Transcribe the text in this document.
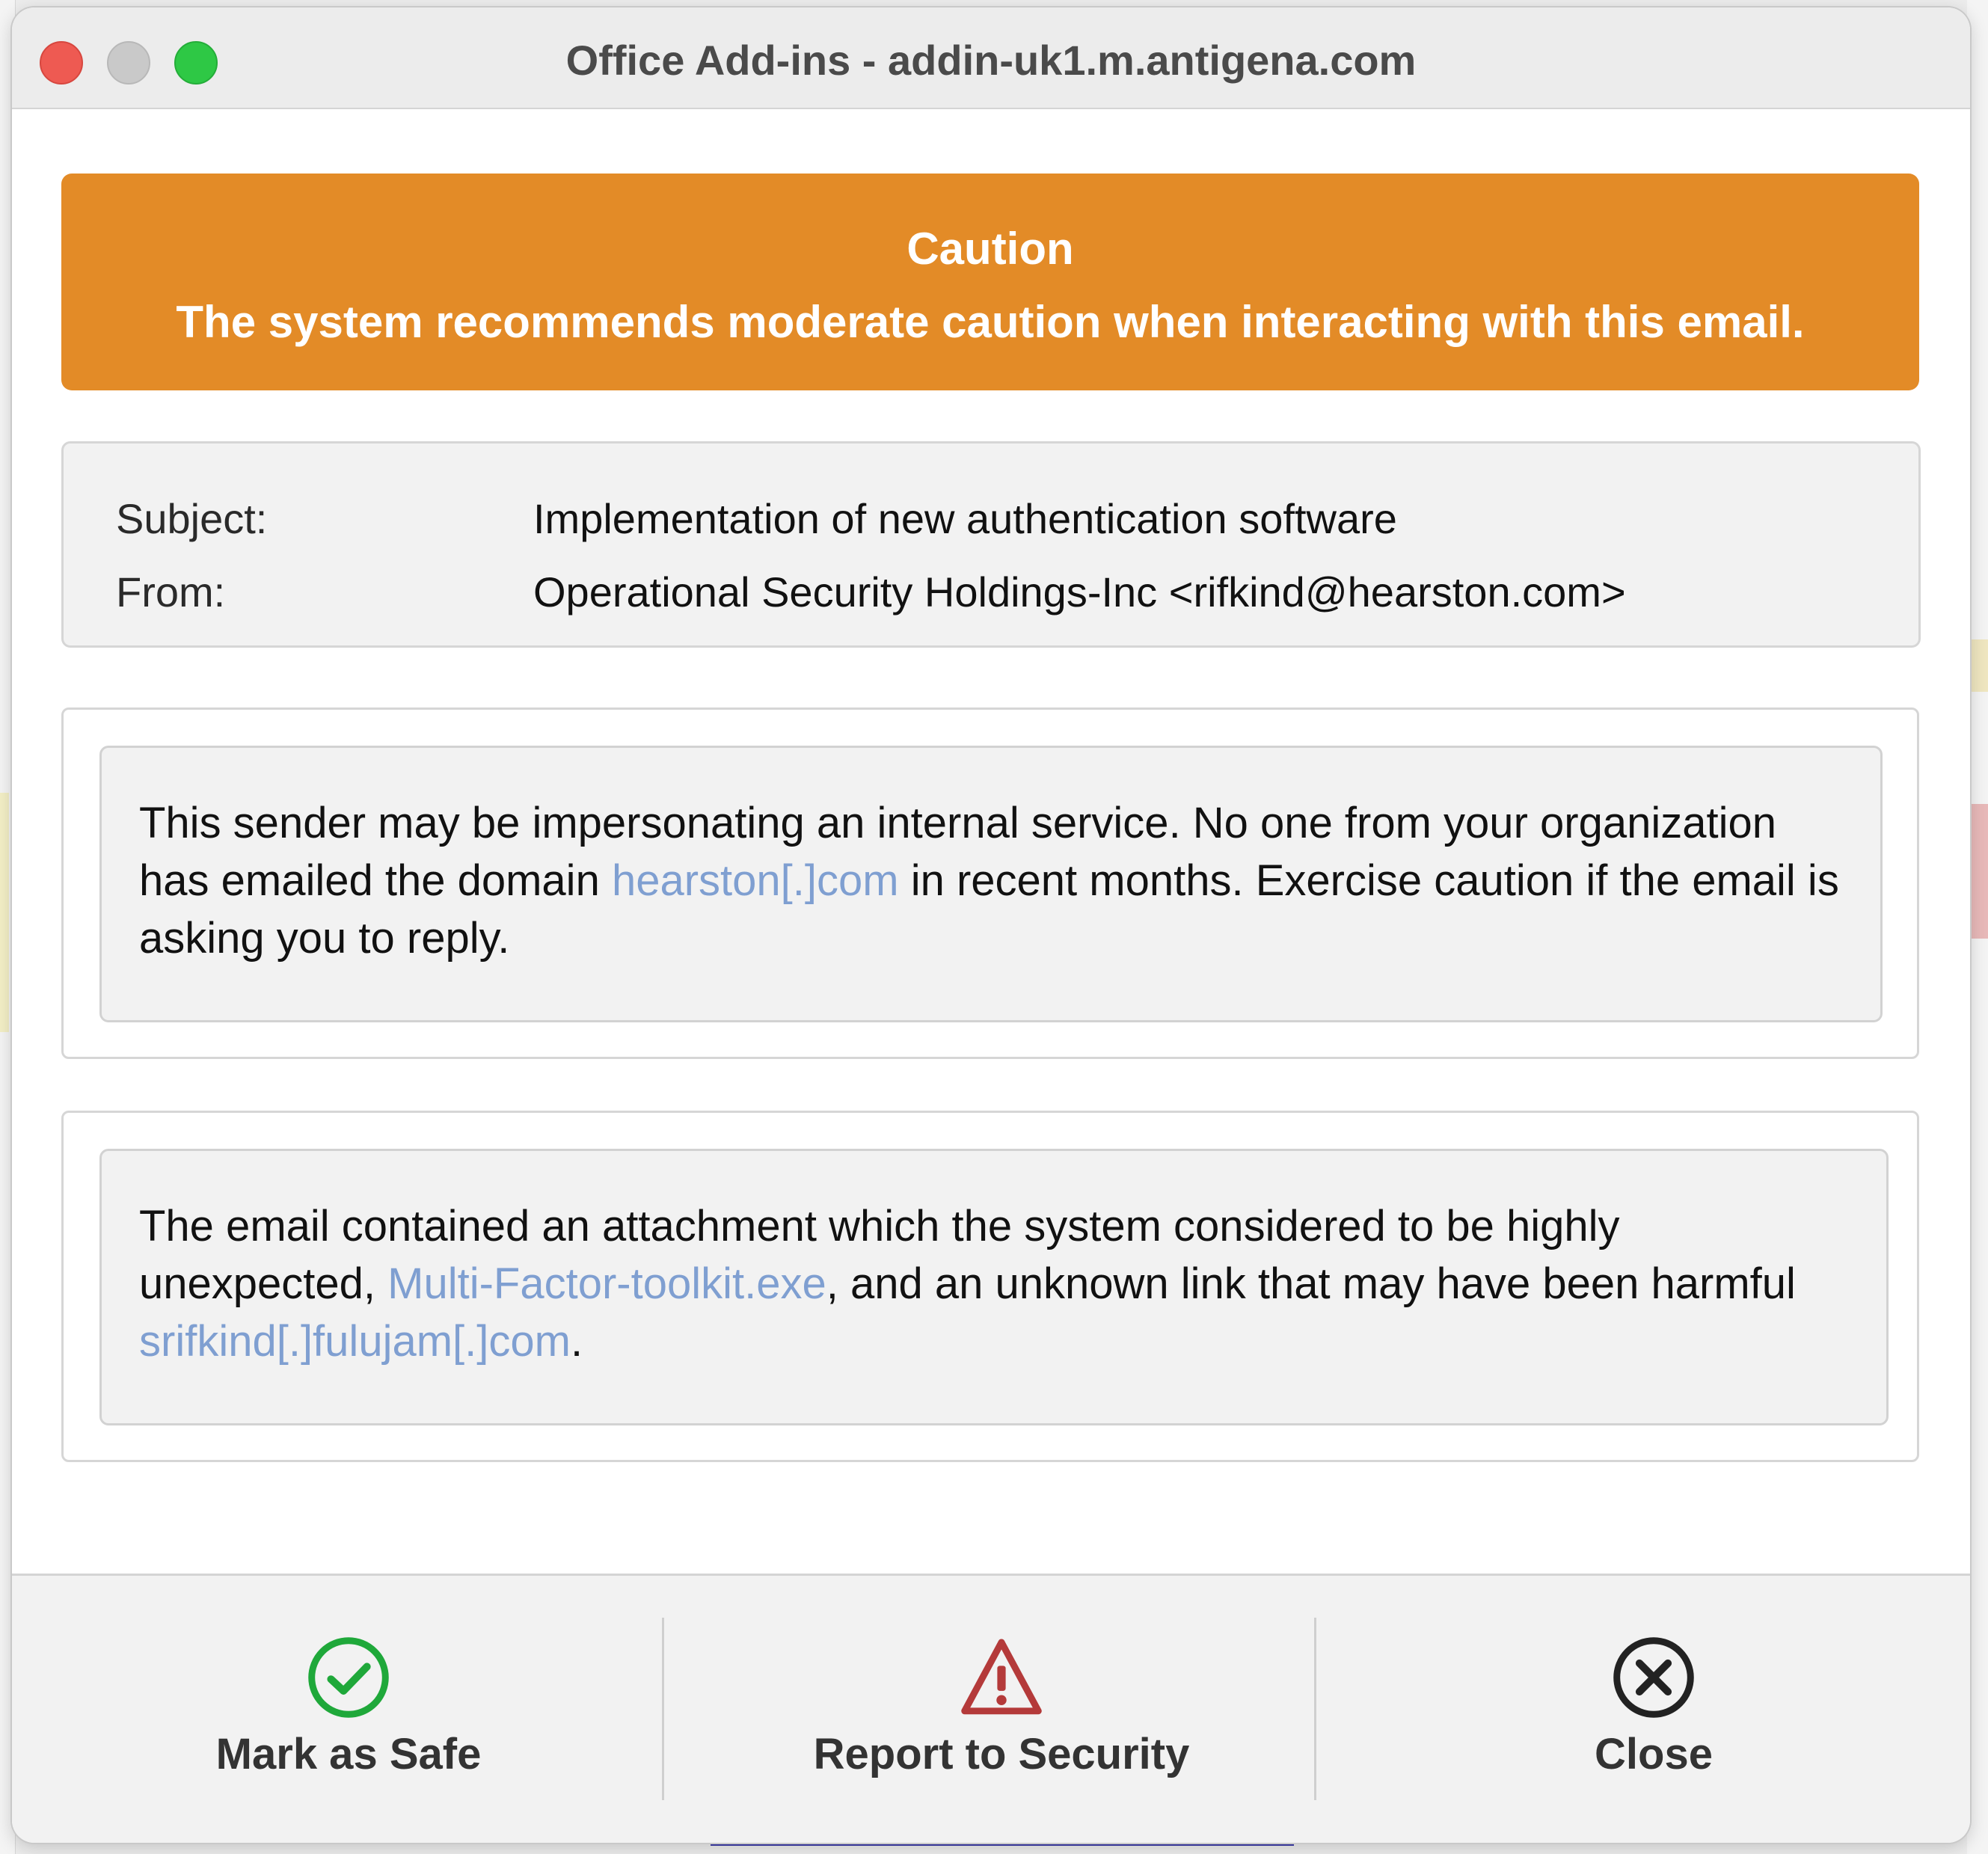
Office Add-ins - addin-uk1.m.antigena.com
Caution
The system recommends moderate caution when interacting with this email.
Subject:	Implementation of new authentication software
From:	Operational Security Holdings-Inc <rifkind@hearston.com>
This sender may be impersonating an internal service. No one from your organization has emailed the domain hearston[.]com in recent months. Exercise caution if the email is asking you to reply.
The email contained an attachment which the system considered to be highly unexpected, Multi-Factor-toolkit.exe, and an unknown link that may have been harmful srifkind[.]fulujam[.]com.
Mark as Safe	Report to Security	Close
